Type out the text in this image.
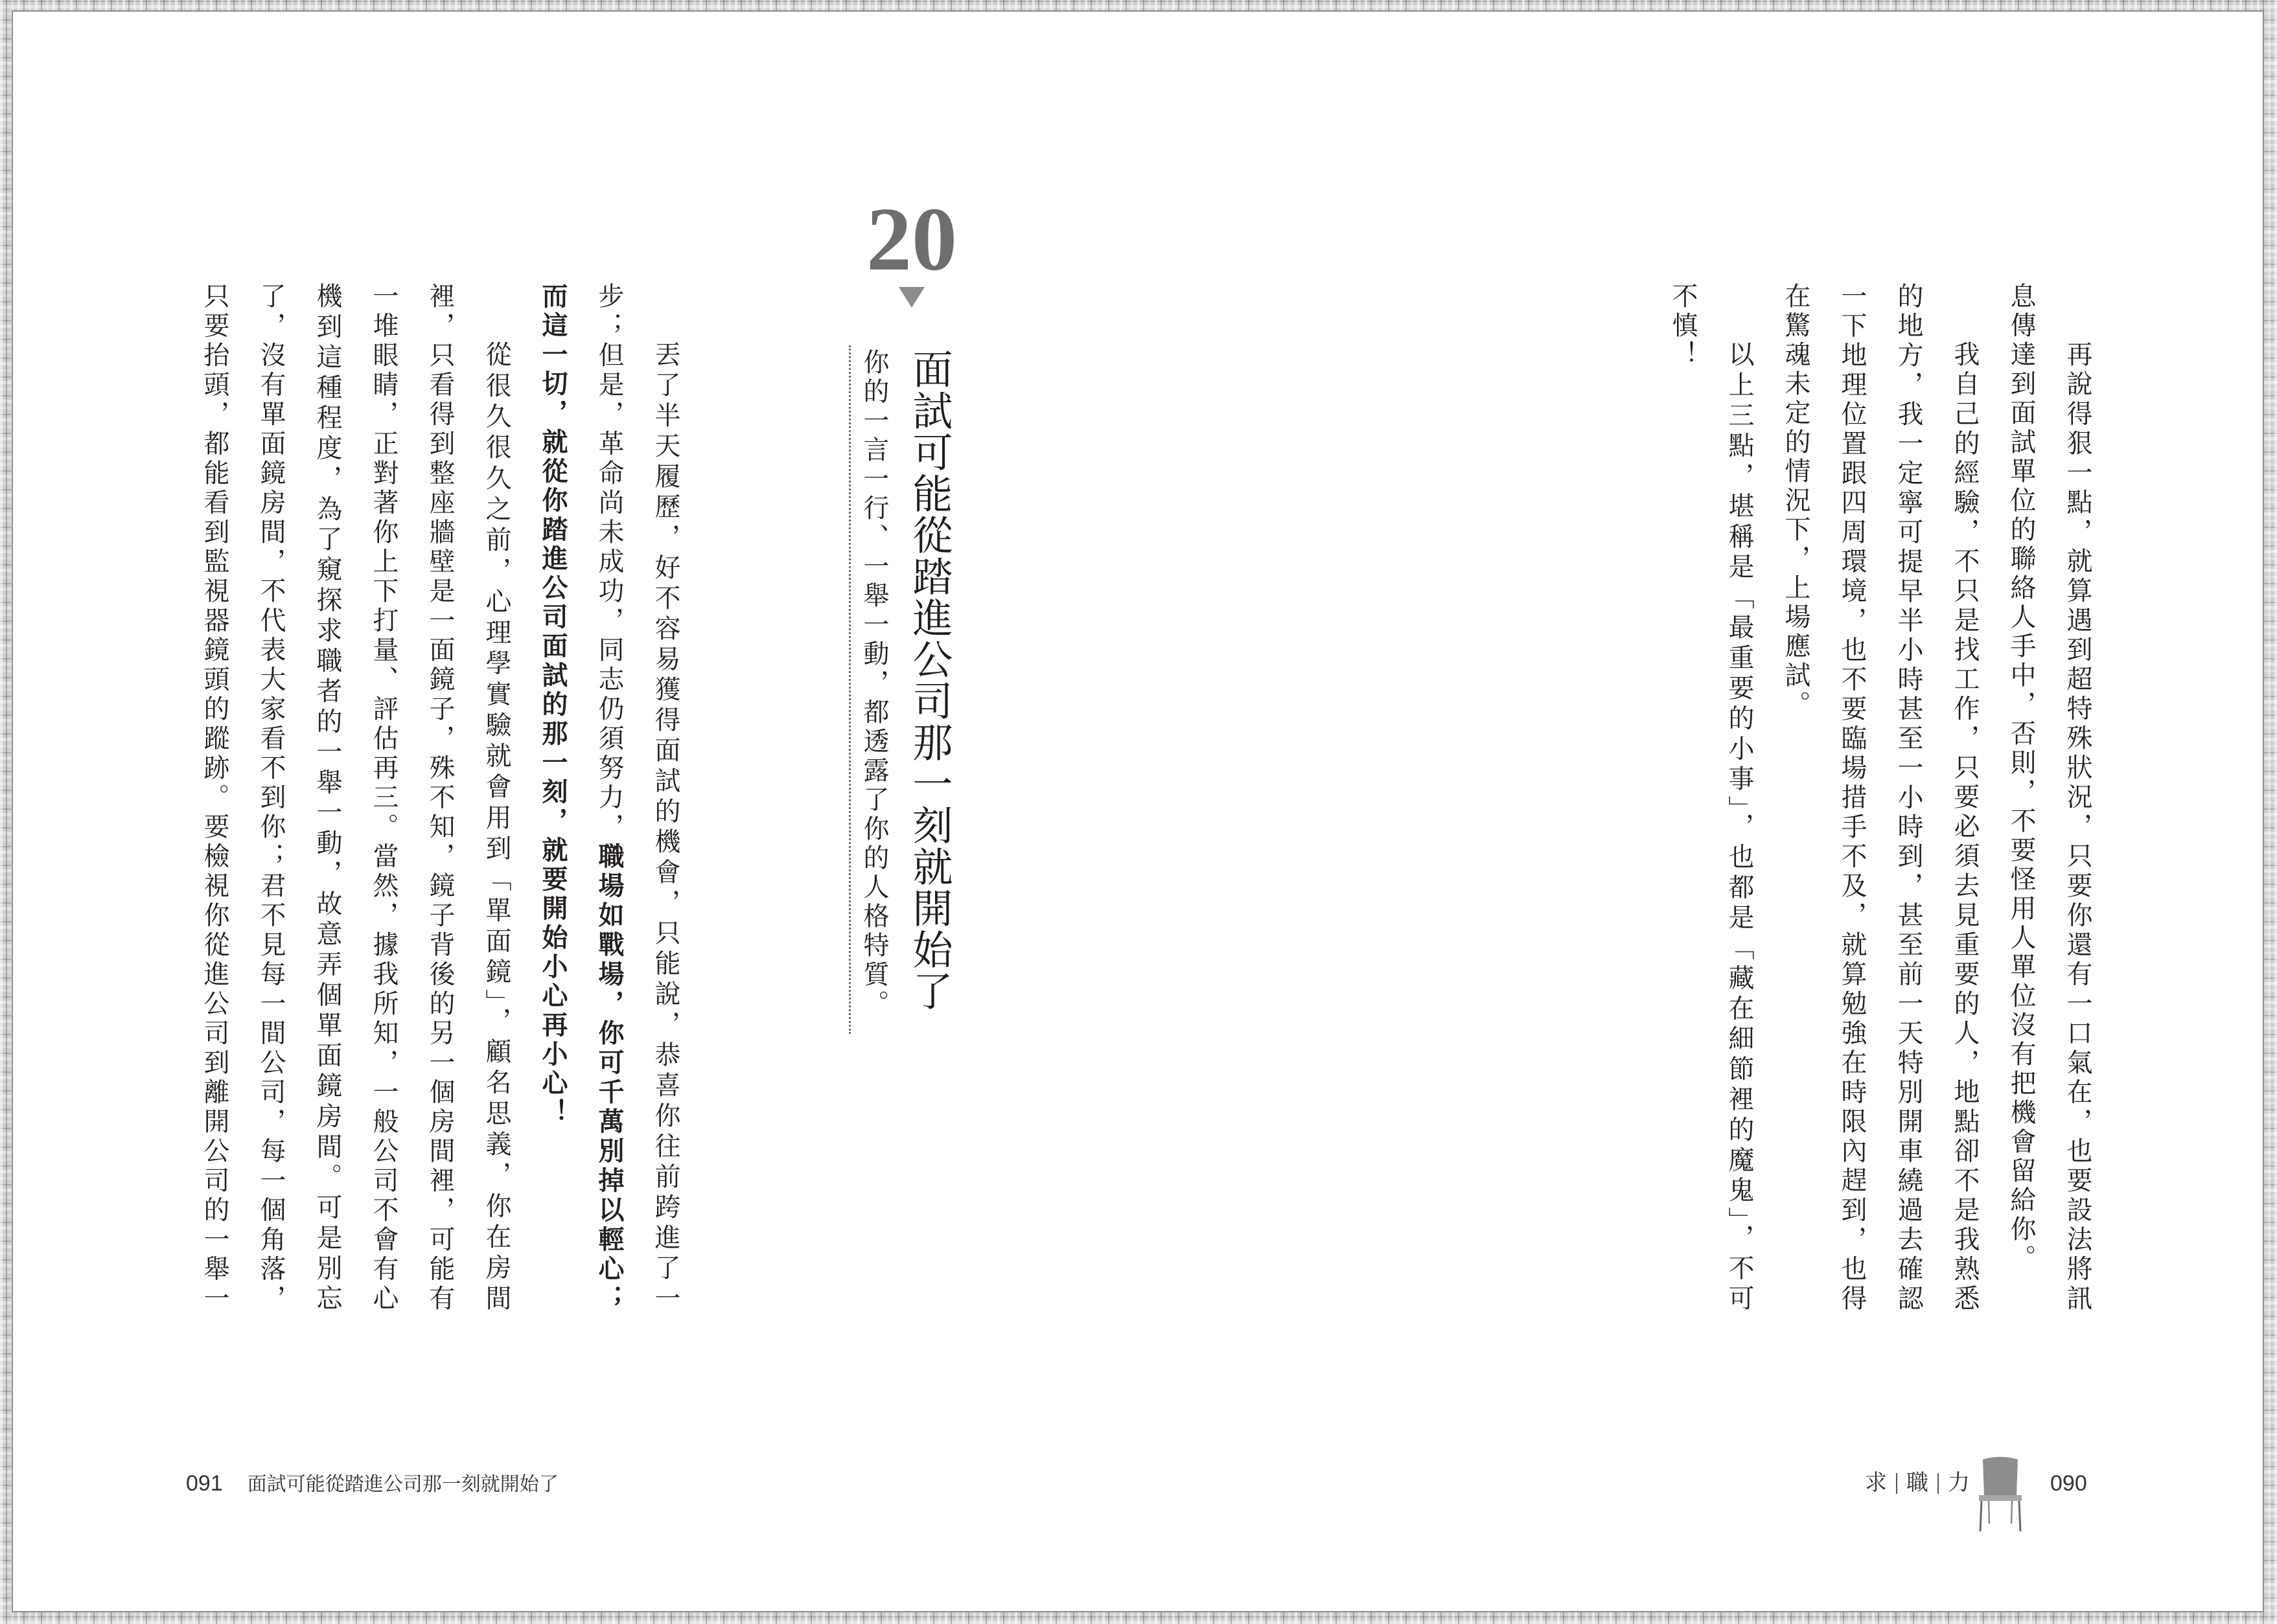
20
面試可能從踏進公司那一刻就開始了
你的一言一行、一舉一動，都透露了你的人格特質。
丟了半天履歷，好不容易獲得面試的機會，只能說，恭喜你往前跨進了一
步；但是，革命尚未成功，同志仍須努力，職場如戰場，你可千萬別掉以輕心；
而這一切，就從你踏進公司面試的那一刻，就要開始小心再小心！
從很久很久之前，心理學實驗就會用到「單面鏡」，顧名思義，你在房間
裡，只看得到整座牆壁是一面鏡子，殊不知，鏡子背後的另一個房間裡，可能有
一堆眼睛，正對著你上下打量、評估再三。當然，據我所知，一般公司不會有心
機到這種程度，為了窺探求職者的一舉一動，故意弄個單面鏡房間。可是別忘
了，沒有單面鏡房間，不代表大家看不到你；君不見每一間公司，每一個角落，
只要抬頭，都能看到監視器鏡頭的蹤跡。要檢視你從進公司到離開公司的一舉一
091 面試可能從踏進公司那一刻就開始了
再說得狠一點，就算遇到超特殊狀況，只要你還有一口氣在，也要設法將訊
息傳達到面試單位的聯絡人手中，否則，不要怪用人單位沒有把機會留給你。
我自己的經驗，不只是找工作，只要必須去見重要的人，地點卻不是我熟悉
的地方，我一定寧可提早半小時甚至一小時到，甚至前一天特別開車繞過去確認
一下地理位置跟四周環境，也不要臨場措手不及，就算勉強在時限內趕到，也得
在驚魂未定的情況下，上場應試。
以上三點，堪稱是「最重要的小事」，也都是「藏在細節裡的魔鬼」，不可
不慎！
求 職 力	090
